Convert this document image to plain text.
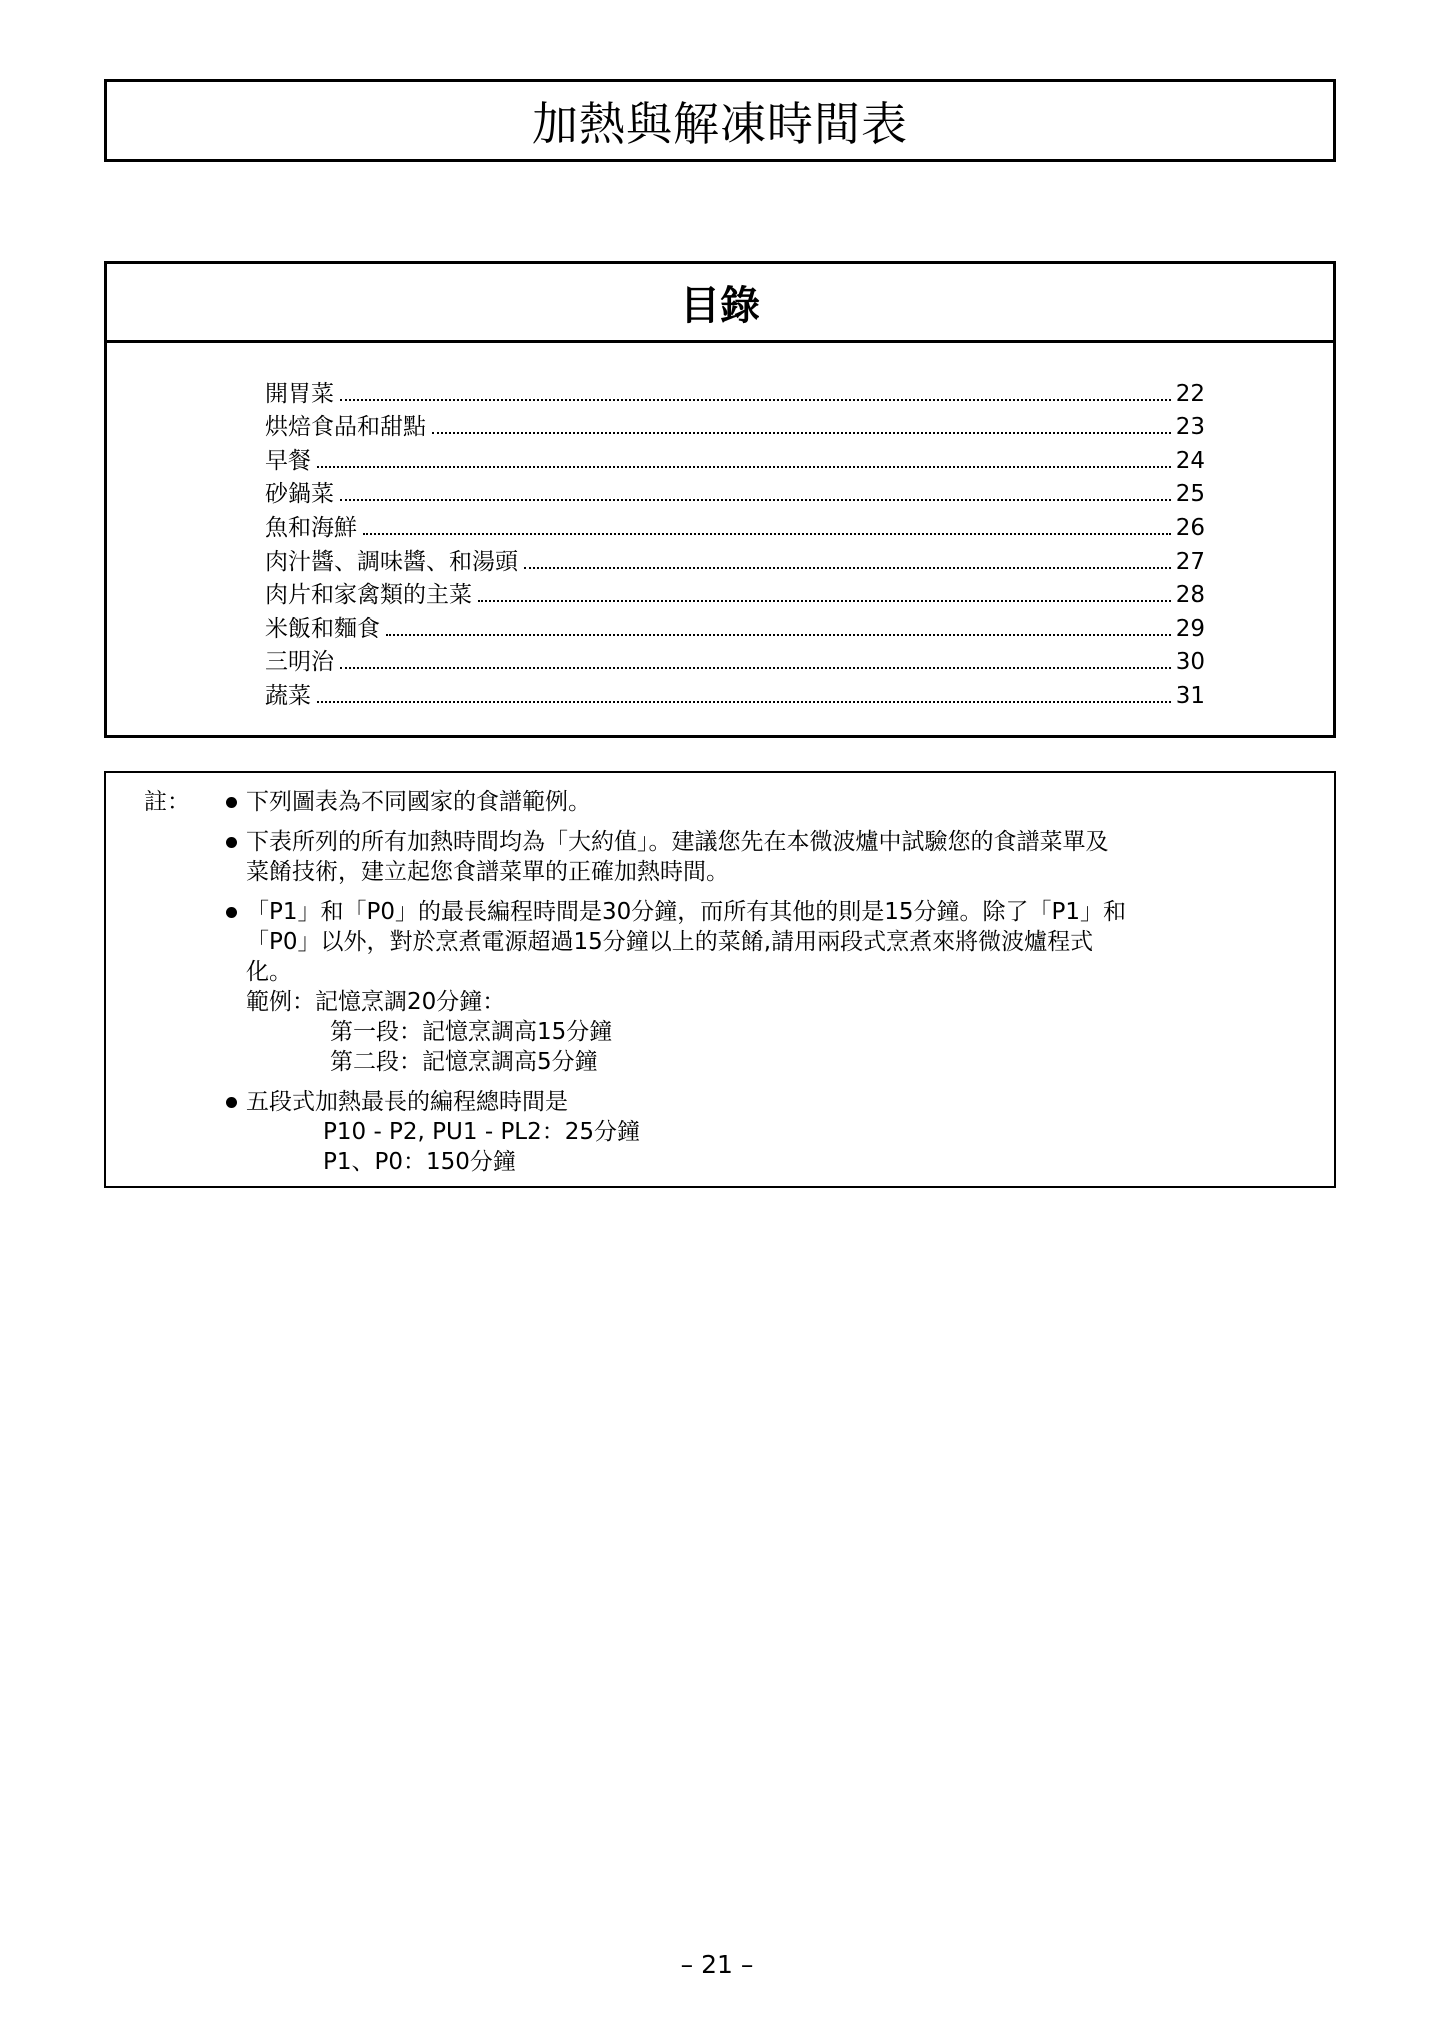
加熱與解凍時間表
目錄
開胃菜	22
烘焙食品和甜點	23
早餐	24
砂鍋菜	25
魚和海鮮	26
肉汁醬、調味醬、和湯頭	27
肉片和家禽類的主菜	28
米飯和麵食	29
三明治	30
蔬菜	31
註： 下列圖表為不同國家的食譜範例。
下表所列的所有加熱時間均為「大約值」。建議您先在本微波爐中試驗您的食譜菜單及
菜餚技術，建立起您食譜菜單的正確加熱時間。
「P1」和「P0」的最長編程時間是30分鐘，而所有其他的則是15分鐘。除了「P1」和
「P0」以外，對於烹煮電源超過15分鐘以上的菜餚,請用兩段式烹煮來將微波爐程式
化。
範例：記憶烹調20分鐘：
第一段：記憶烹調高15分鐘
第二段：記憶烹調高5分鐘
五段式加熱最長的編程總時間是
P10 - P2, PU1 - PL2：25分鐘
P1、P0：150分鐘
– 21 –
